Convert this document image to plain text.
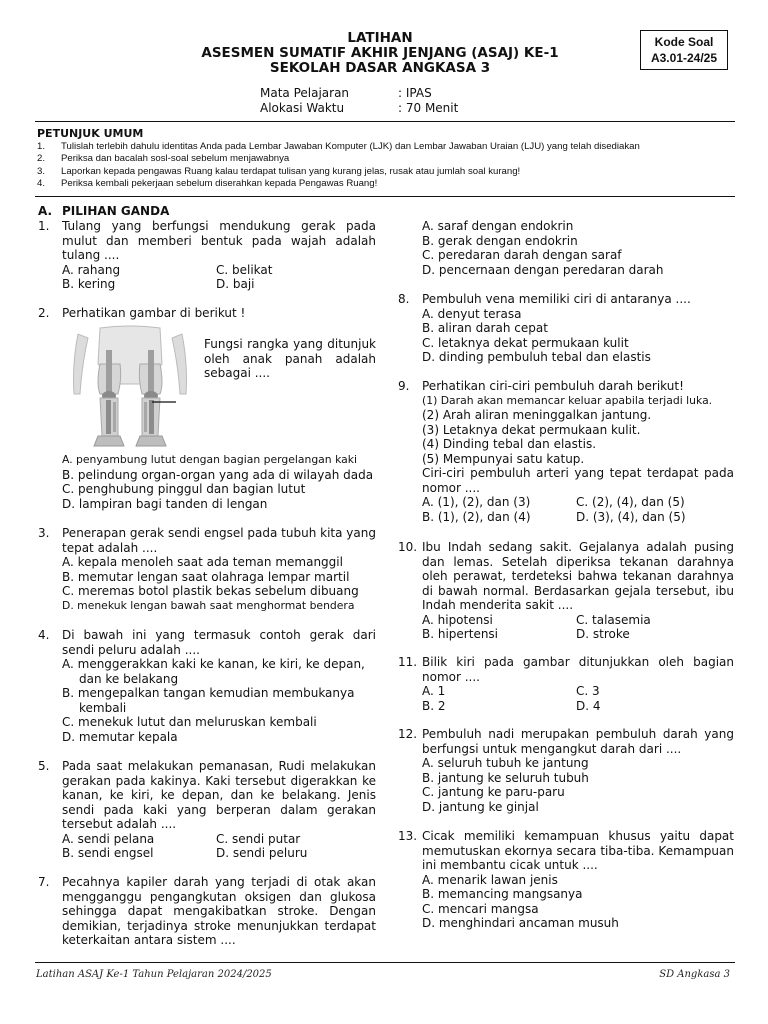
LATIHAN
ASESMEN SUMATIF AKHIR JENJANG (ASAJ) KE-1
SEKOLAH DASAR ANGKASA 3
Kode Soal
A3.01-24/25
Mata Pelajaran	: IPAS
Alokasi Waktu	: 70 Menit
PETUNJUK UMUM
1. Tulislah terlebih dahulu identitas Anda pada Lembar Jawaban Komputer (LJK) dan Lembar Jawaban Uraian (LJU) yang telah disediakan
2. Periksa dan bacalah sosl-soal sebelum menjawabnya
3. Laporkan kepada pengawas Ruang kalau terdapat tulisan yang kurang jelas, rusak atau jumlah soal kurang!
4. Periksa kembali pekerjaan sebelum diserahkan kepada Pengawas Ruang!
A. PILIHAN GANDA
1. Tulang yang berfungsi mendukung gerak pada mulut dan memberi bentuk pada wajah adalah tulang ....
A. rahang	C. belikat
B. kering	D. baji
2. Perhatikan gambar di berikut !
Fungsi rangka yang ditunjuk oleh anak panah adalah sebagai ....
A. penyambung lutut dengan bagian pergelangan kaki
B. pelindung organ-organ yang ada di wilayah dada
C. penghubung pinggul dan bagian lutut
D. lampiran bagi tanden di lengan
3. Penerapan gerak sendi engsel pada tubuh kita yang tepat adalah ....
A. kepala menoleh saat ada teman memanggil
B. memutar lengan saat olahraga lempar martil
C. meremas botol plastik bekas sebelum dibuang
D. menekuk lengan bawah saat menghormat bendera
4. Di bawah ini yang termasuk contoh gerak dari sendi peluru adalah ....
A. menggerakkan kaki ke kanan, ke kiri, ke depan,
dan ke belakang
B. mengepalkan tangan kemudian membukanya
kembali
C. menekuk lutut dan meluruskan kembali
D. memutar kepala
5. Pada saat melakukan pemanasan, Rudi melakukan gerakan pada kakinya. Kaki tersebut digerakkan ke kanan, ke kiri, ke depan, dan ke belakang. Jenis sendi pada kaki yang berperan dalam gerakan tersebut adalah ....
A. sendi pelana	C. sendi putar
B. sendi engsel	D. sendi peluru
7. Pecahnya kapiler darah yang terjadi di otak akan mengganggu pengangkutan oksigen dan glukosa sehingga dapat mengakibatkan stroke. Dengan demikian, terjadinya stroke menunjukkan terdapat keterkaitan antara sistem ....
A. saraf dengan endokrin
B. gerak dengan endokrin
C. peredaran darah dengan saraf
D. pencernaan dengan peredaran darah
8. Pembuluh vena memiliki ciri di antaranya ....
A. denyut terasa
B. aliran darah cepat
C. letaknya dekat permukaan kulit
D. dinding pembuluh tebal dan elastis
9. Perhatikan ciri-ciri pembuluh darah berikut!
(1) Darah akan memancar keluar apabila terjadi luka.
(2) Arah aliran meninggalkan jantung.
(3) Letaknya dekat permukaan kulit.
(4) Dinding tebal dan elastis.
(5) Mempunyai satu katup.
Ciri-ciri pembuluh arteri yang tepat terdapat pada nomor ....
A. (1), (2), dan (3)	C. (2), (4), dan (5)
B. (1), (2), dan (4)	D. (3), (4), dan (5)
10. Ibu Indah sedang sakit. Gejalanya adalah pusing dan lemas. Setelah diperiksa tekanan darahnya oleh perawat, terdeteksi bahwa tekanan darahnya di bawah normal. Berdasarkan gejala tersebut, ibu Indah menderita sakit ....
A. hipotensi	C. talasemia
B. hipertensi	D. stroke
11. Bilik kiri pada gambar ditunjukkan oleh bagian nomor ....
A. 1	C. 3
B. 2	D. 4
12. Pembuluh nadi merupakan pembuluh darah yang berfungsi untuk mengangkut darah dari ....
A. seluruh tubuh ke jantung
B. jantung ke seluruh tubuh
C. jantung ke paru-paru
D. jantung ke ginjal
13. Cicak memiliki kemampuan khusus yaitu dapat memutuskan ekornya secara tiba-tiba. Kemampuan ini membantu cicak untuk ....
A. menarik lawan jenis
B. memancing mangsanya
C. mencari mangsa
D. menghindari ancaman musuh
Latihan ASAJ Ke-1 Tahun Pelajaran 2024/2025	SD Angkasa 3
